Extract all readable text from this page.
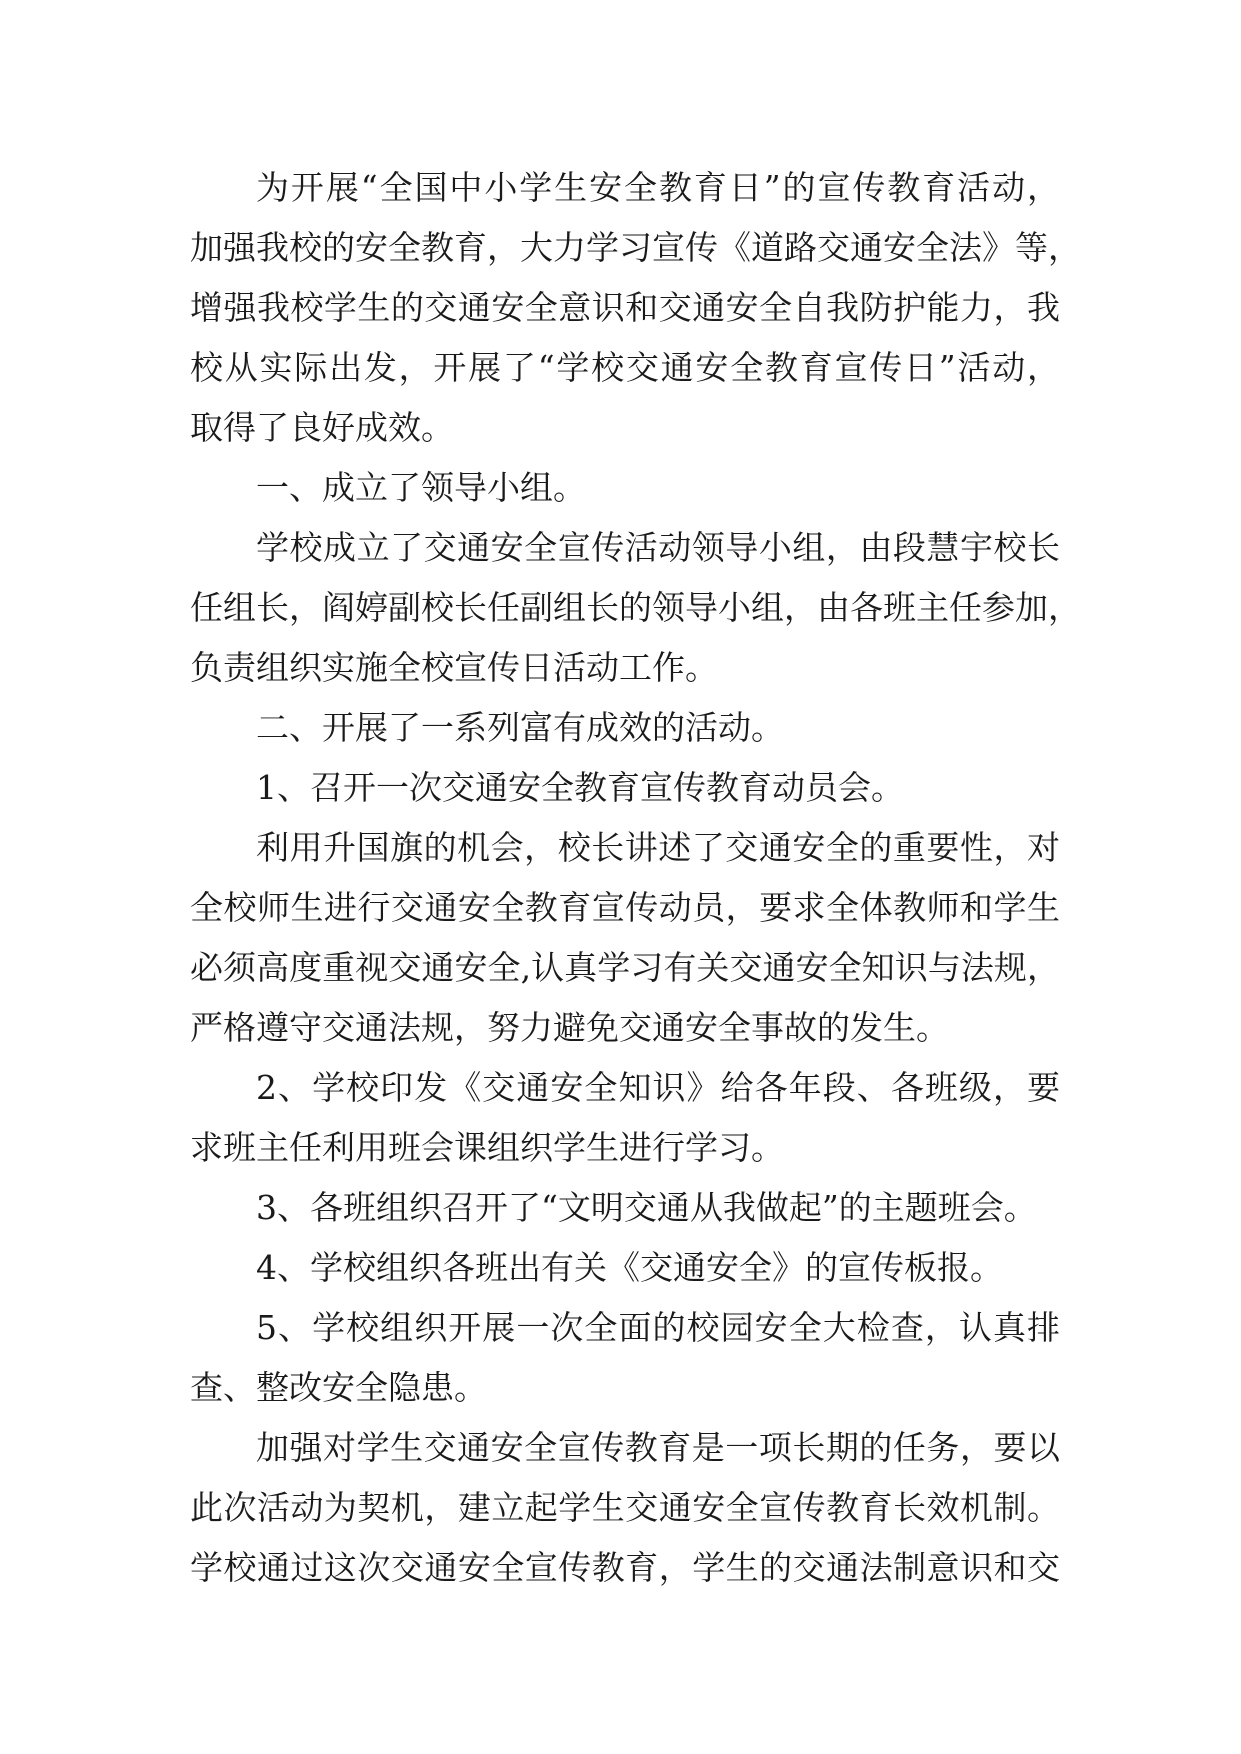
为开展“全国中小学生安全教育日”的宣传教育活动，
加强我校的安全教育，大力学习宣传《道路交通安全法》等，
增强我校学生的交通安全意识和交通安全自我防护能力，我
校从实际出发，开展了“学校交通安全教育宣传日”活动，
取得了良好成效。
一、成立了领导小组。
学校成立了交通安全宣传活动领导小组，由段慧宇校长
任组长，阎婷副校长任副组长的领导小组，由各班主任参加，
负责组织实施全校宣传日活动工作。
二、开展了一系列富有成效的活动。
1、召开一次交通安全教育宣传教育动员会。
利用升国旗的机会，校长讲述了交通安全的重要性，对
全校师生进行交通安全教育宣传动员，要求全体教师和学生
必须高度重视交通安全,认真学习有关交通安全知识与法规，
严格遵守交通法规，努力避免交通安全事故的发生。
2、学校印发《交通安全知识》给各年段、各班级，要
求班主任利用班会课组织学生进行学习。
3、各班组织召开了“文明交通从我做起”的主题班会。
4、学校组织各班出有关《交通安全》的宣传板报。
5、学校组织开展一次全面的校园安全大检查，认真排
查、整改安全隐患。
加强对学生交通安全宣传教育是一项长期的任务，要以
此次活动为契机，建立起学生交通安全宣传教育长效机制。
学校通过这次交通安全宣传教育，学生的交通法制意识和交
